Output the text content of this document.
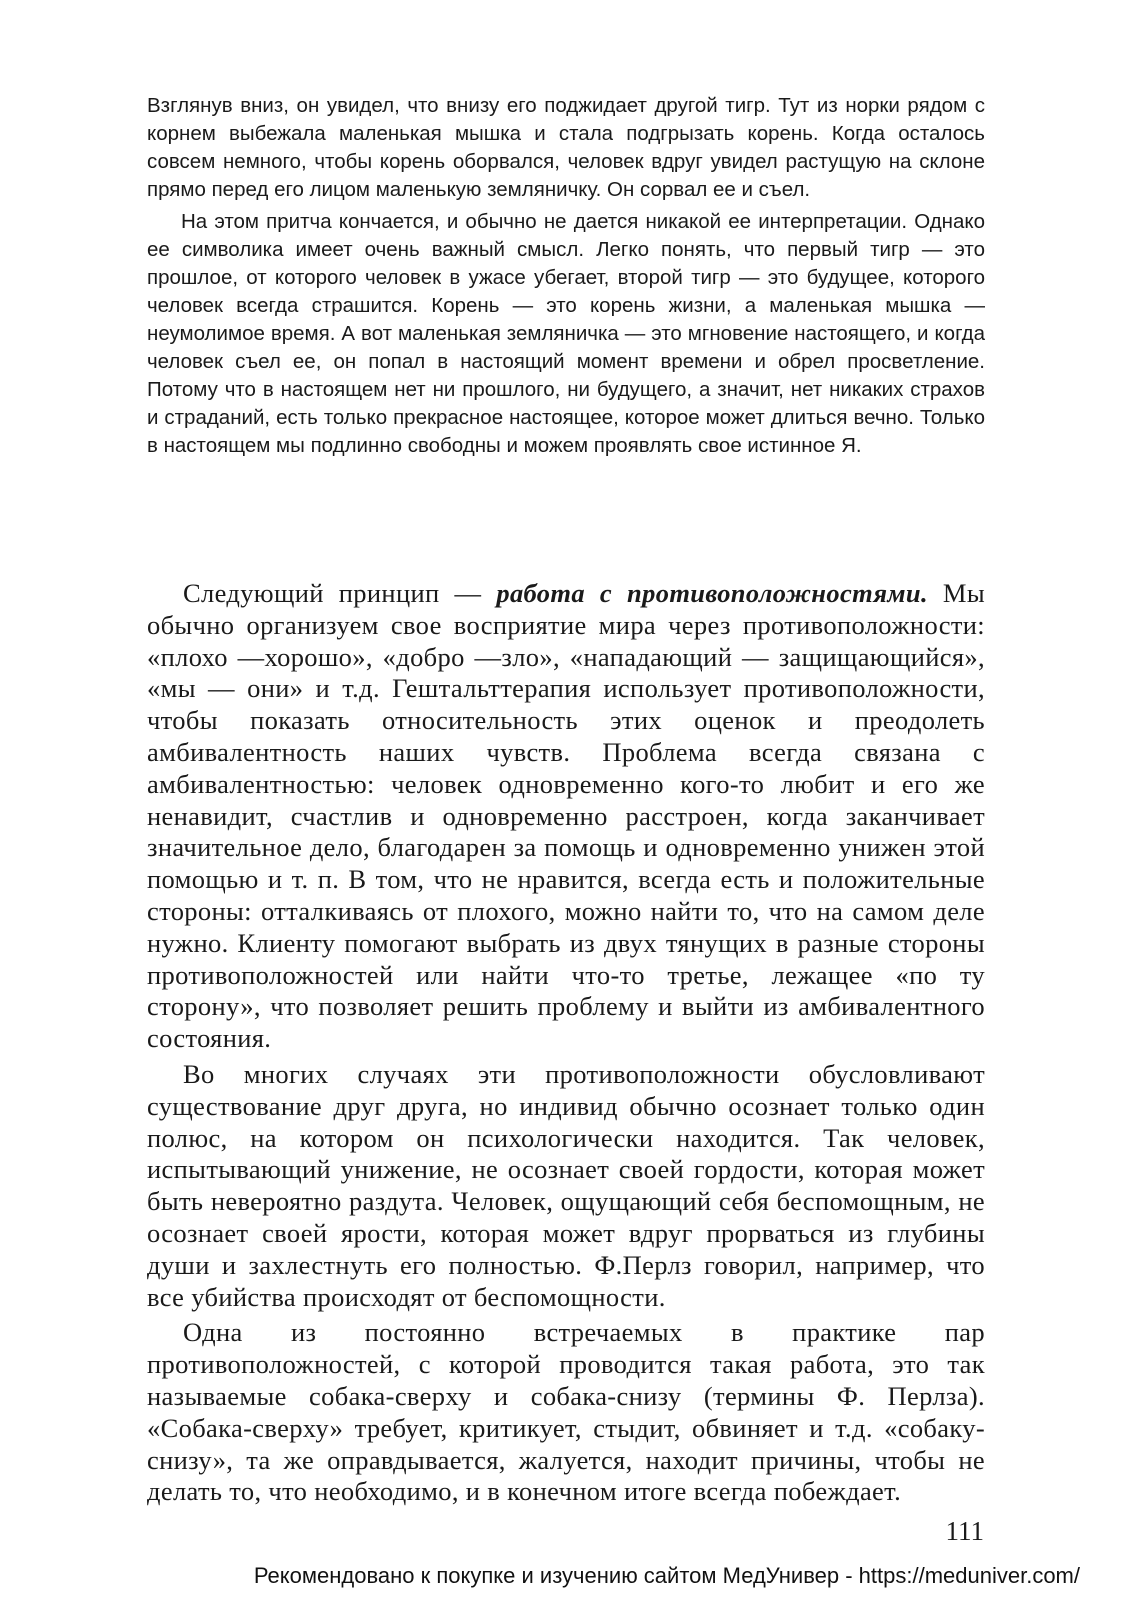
Взглянув вниз, он увидел, что внизу его поджидает другой тигр. Тут из норки рядом с корнем выбежала маленькая мышка и стала подгрызать корень. Когда осталось совсем немного, чтобы корень оборвался, человек вдруг увидел растущую на склоне прямо перед его лицом маленькую земляничку. Он сорвал ее и съел.

На этом притча кончается, и обычно не дается никакой ее интерпретации. Однако ее символика имеет очень важный смысл. Легко понять, что первый тигр — это прошлое, от которого человек в ужасе убегает, второй тигр — это будущее, которого человек всегда страшится. Корень — это корень жизни, а маленькая мышка — неумолимое время. А вот маленькая земляничка — это мгновение настоящего, и когда человек съел ее, он попал в настоящий момент времени и обрел просветление. Потому что в настоящем нет ни прошлого, ни будущего, а значит, нет никаких страхов и страданий, есть только прекрасное настоящее, которое может длиться вечно. Только в настоящем мы подлинно свободны и можем проявлять свое истинное Я.

Следующий принцип — работа с противоположностями. Мы обычно организуем свое восприятие мира через противоположности: «плохо —хорошо», «добро —зло», «нападающий — защищающийся», «мы — они» и т.д. Гештальттерапия использует противоположности, чтобы показать относительность этих оценок и преодолеть амбивалентность наших чувств. Проблема всегда связана с амбивалентностью: человек одновременно кого-то любит и его же ненавидит, счастлив и одновременно расстроен, когда заканчивает значительное дело, благодарен за помощь и одновременно унижен этой помощью и т. п. В том, что не нравится, всегда есть и положительные стороны: отталкиваясь от плохого, можно найти то, что на самом деле нужно. Клиенту помогают выбрать из двух тянущих в разные стороны противоположностей или найти что-то третье, лежащее «по ту сторону», что позволяет решить проблему и выйти из амбивалентного состояния.

Во многих случаях эти противоположности обусловливают существование друг друга, но индивид обычно осознает только один полюс, на котором он психологически находится. Так человек, испытывающий унижение, не осознает своей гордости, которая может быть невероятно раздута. Человек, ощущающий себя беспомощным, не осознает своей ярости, которая может вдруг прорваться из глубины души и захлестнуть его полностью. Ф.Перлз говорил, например, что все убийства происходят от беспомощности.

Одна из постоянно встречаемых в практике пар противоположностей, с которой проводится такая работа, это так называемые собака-сверху и собака-снизу (термины Ф. Перлза). «Собака-сверху» требует, критикует, стыдит, обвиняет и т.д. «собаку-снизу», та же оправдывается, жалуется, находит причины, чтобы не делать то, что необходимо, и в конечном итоге всегда побеждает.

111
Рекомендовано к покупке и изучению сайтом МедУнивер - https://meduniver.com/
